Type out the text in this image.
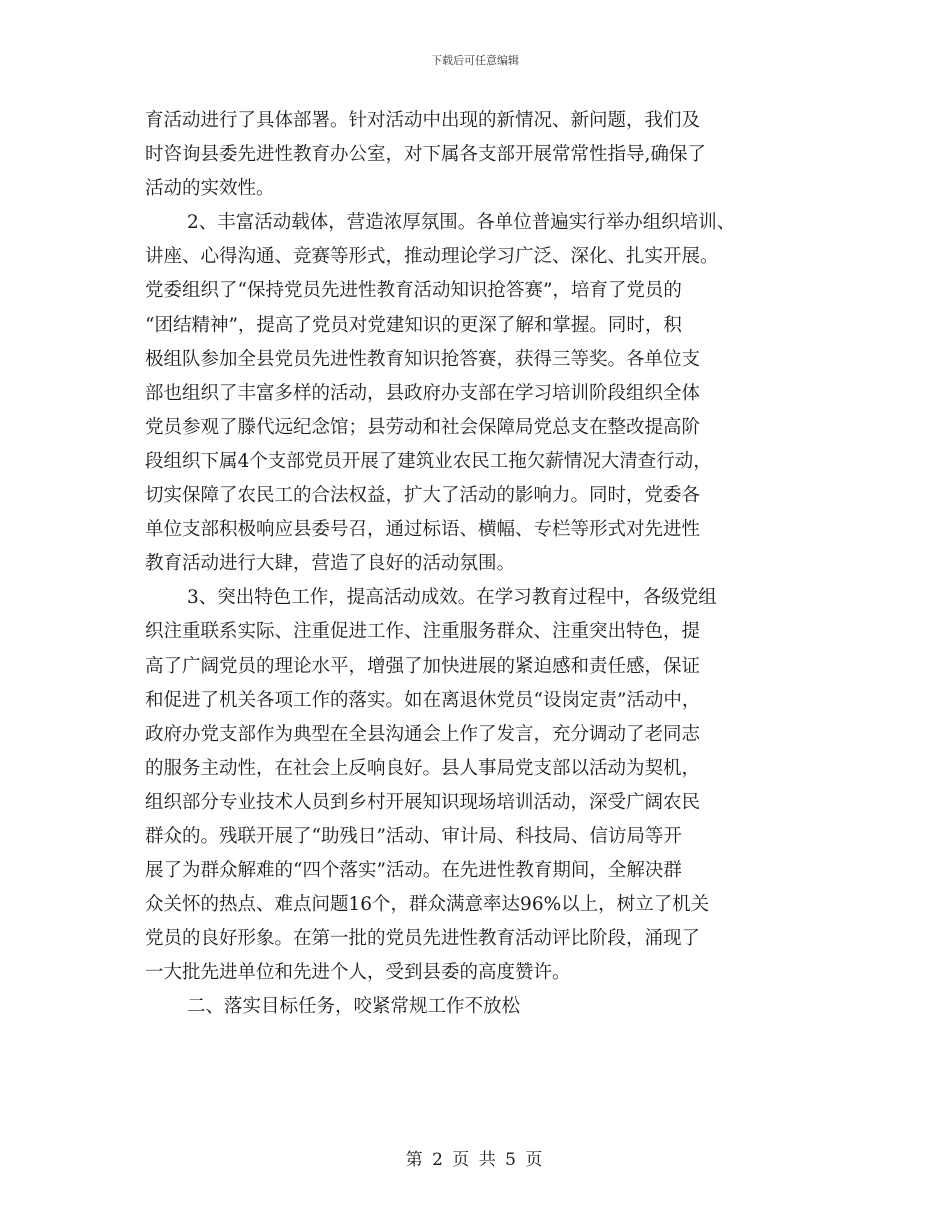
下载后可任意编辑
育活动进行了具体部署。针对活动中出现的新情况、新问题，我们及
时咨询县委先进性教育办公室，对下属各支部开展常常性指导,确保了
活动的实效性。
2、丰富活动载体，营造浓厚氛围。各单位普遍实行举办组织培训、
讲座、心得沟通、竞赛等形式，推动理论学习广泛、深化、扎实开展。
党委组织了“保持党员先进性教育活动知识抢答赛”，培育了党员的
“团结精神”，提高了党员对党建知识的更深了解和掌握。同时，积
极组队参加全县党员先进性教育知识抢答赛，获得三等奖。各单位支
部也组织了丰富多样的活动，县政府办支部在学习培训阶段组织全体
党员参观了滕代远纪念馆；县劳动和社会保障局党总支在整改提高阶
段组织下属4个支部党员开展了建筑业农民工拖欠薪情况大清查行动，
切实保障了农民工的合法权益，扩大了活动的影响力。同时，党委各
单位支部积极响应县委号召，通过标语、横幅、专栏等形式对先进性
教育活动进行大肆，营造了良好的活动氛围。
3、突出特色工作，提高活动成效。在学习教育过程中，各级党组
织注重联系实际、注重促进工作、注重服务群众、注重突出特色，提
高了广阔党员的理论水平，增强了加快进展的紧迫感和责任感，保证
和促进了机关各项工作的落实。如在离退休党员“设岗定责”活动中，
政府办党支部作为典型在全县沟通会上作了发言，充分调动了老同志
的服务主动性，在社会上反响良好。县人事局党支部以活动为契机，
组织部分专业技术人员到乡村开展知识现场培训活动，深受广阔农民
群众的。残联开展了“助残日”活动、审计局、科技局、信访局等开
展了为群众解难的“四个落实”活动。在先进性教育期间，全解决群
众关怀的热点、难点问题16个，群众满意率达96%以上，树立了机关
党员的良好形象。在第一批的党员先进性教育活动评比阶段，涌现了
一大批先进单位和先进个人，受到县委的高度赞许。
二、落实目标任务，咬紧常规工作不放松
第 2 页 共 5 页
